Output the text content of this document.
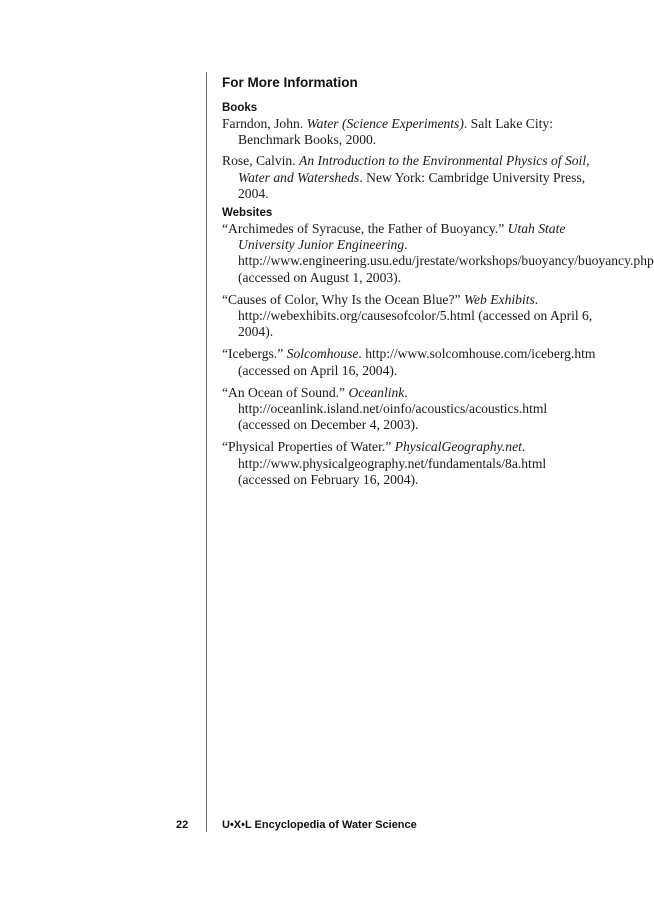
For More Information
Books
Farndon, John. Water (Science Experiments). Salt Lake City: Benchmark Books, 2000.
Rose, Calvin. An Introduction to the Environmental Physics of Soil, Water and Watersheds. New York: Cambridge University Press, 2004.
Websites
“Archimedes of Syracuse, the Father of Buoyancy.” Utah State University Junior Engineering. http://www.engineering.usu.edu/jrestate/workshops/buoyancy/buoyancy.php (accessed on August 1, 2003).
“Causes of Color, Why Is the Ocean Blue?” Web Exhibits. http://webexhibits.org/causesofcolor/5.html (accessed on April 6, 2004).
“Icebergs.” Solcomhouse. http://www.solcomhouse.com/iceberg.htm (accessed on April 16, 2004).
“An Ocean of Sound.” Oceanlink. http://oceanlink.island.net/oinfo/acoustics/acoustics.html (accessed on December 4, 2003).
“Physical Properties of Water.” PhysicalGeography.net. http://www.physicalgeography.net/fundamentals/8a.html (accessed on February 16, 2004).
22	U•X•L Encyclopedia of Water Science
